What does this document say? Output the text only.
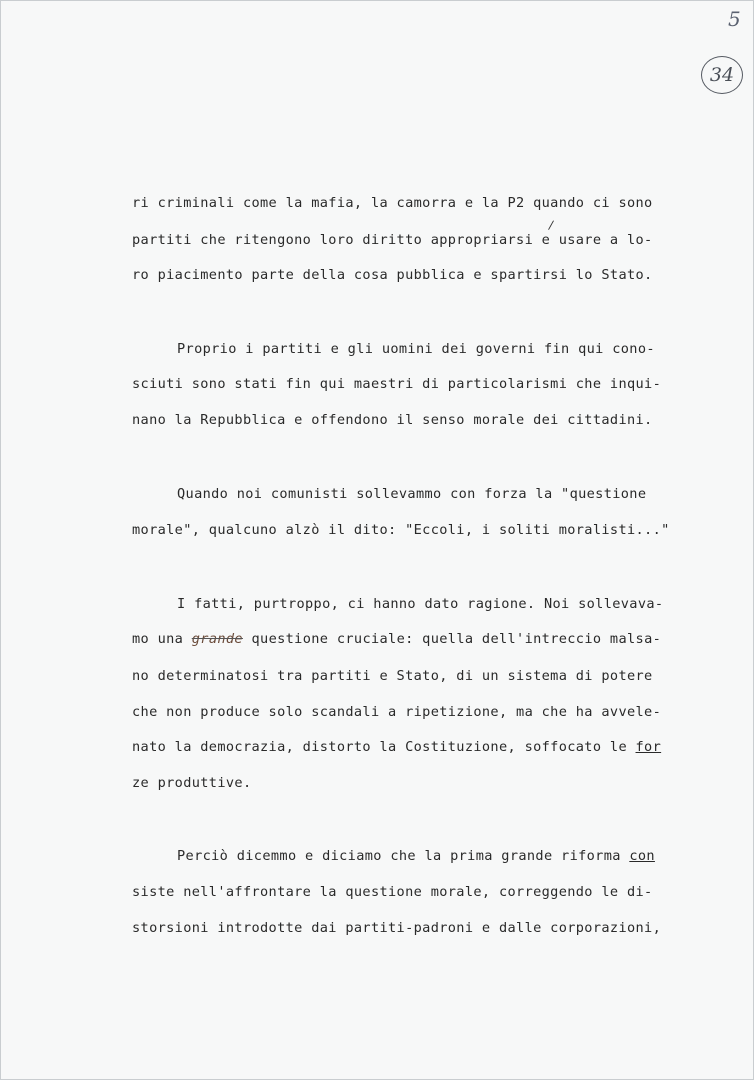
5
34
ri criminali come la mafia, la camorra e la P2 quando ci sono
/
partiti che ritengono loro diritto appropriarsi e usare a lo-
ro piacimento parte della cosa pubblica e spartirsi lo Stato.
Proprio i partiti e gli uomini dei governi fin qui cono-
sciuti sono stati fin qui maestri di particolarismi che inqui-
nano la Repubblica e offendono il senso morale dei cittadini.
Quando noi comunisti sollevammo con forza la "questione
morale", qualcuno alzò il dito: "Eccoli, i soliti moralisti..."
I fatti, purtroppo, ci hanno dato ragione. Noi sollevava-
mo una grande questione cruciale: quella dell'intreccio malsa-
no determinatosi tra partiti e Stato, di un sistema di potere
che non produce solo scandali a ripetizione, ma che ha avvele-
nato la democrazia, distorto la Costituzione, soffocato le for
ze produttive.
Perciò dicemmo e diciamo che la prima grande riforma con
siste nell'affrontare la questione morale, correggendo le di-
storsioni introdotte dai partiti-padroni e dalle corporazioni,
